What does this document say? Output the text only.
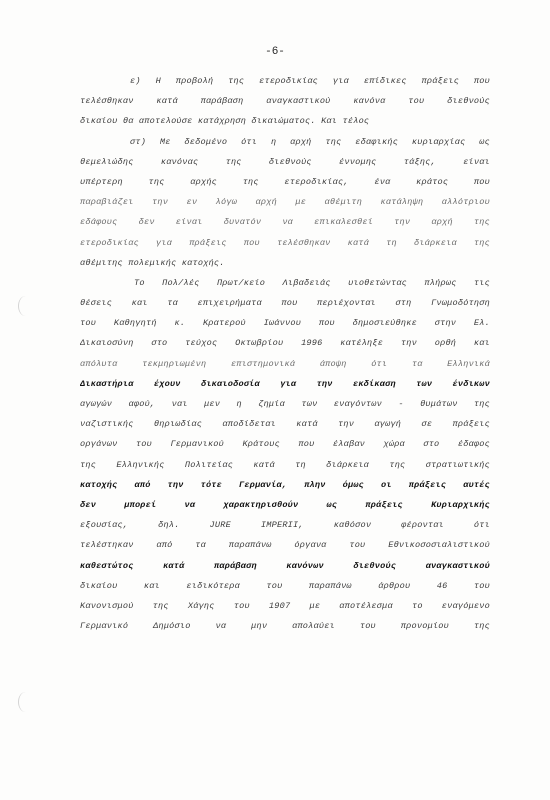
-6-
ε) Η προβολή της ετεροδικίας για επίδικες πράξεις που
τελέσθηκαν κατά παράβαση αναγκαστικού κανόνα του διεθνούς
δικαίου θα αποτελούσε κατάχρηση δικαιώματος. Και τέλος
στ) Με δεδομένο ότι η αρχή της εδαφικής κυριαρχίας ως
θεμελιώδης κανόνας της διεθνούς έννομης τάξης, είναι
υπέρτερη της αρχής της ετεροδικίας, ένα κράτος που
παραβιάζει την εν λόγω αρχή με αθέμιτη κατάληψη αλλότριου
εδάφους δεν είναι δυνατόν να επικαλεσθεί την αρχή της
ετεροδικίας για πράξεις που τελέσθηκαν κατά τη διάρκεια της
αθέμιτης πολεμικής κατοχής.
Το Πολ/λές Πρωτ/κείο Λιβαδειάς υιοθετώντας πλήρως τις
θέσεις και τα επιχειρήματα που περιέχονται στη Γνωμοδότηση
του Καθηγητή κ. Κρατερού Ιωάννου που δημοσιεύθηκε στην Ελ.
Δικαιοσύνη στο τεύχος Οκτωβρίου 1996 κατέληξε την ορθή και
απόλυτα τεκμηριωμένη επιστημονικά άποψη ότι τα Ελληνικά
Δικαστήρια έχουν δικαιοδοσία για την εκδίκαση των ένδικων
αγωγών αφού, ναι μεν η ζημία των εναγόντων - θυμάτων της
ναζιστικής θηριωδίας αποδίδεται κατά την αγωγή σε πράξεις
οργάνων του Γερμανικού Κράτους που έλαβαν χώρα στο έδαφος
της Ελληνικής Πολιτείας κατά τη διάρκεια της στρατιωτικής
κατοχής από την τότε Γερμανία, πλην όμως οι πράξεις αυτές
δεν μπορεί να χαρακτηρισθούν ως πράξεις Κυριαρχικής
εξουσίας, δηλ. JURE IMPERII, καθόσον φέρονται ότι
τελέστηκαν από τα παραπάνω όργανα του Εθνικοσοσιαλιστικού
καθεστώτος κατά παράβαση κανόνων διεθνούς αναγκαστικού
δικαίου και ειδικότερα του παραπάνω άρθρου 46 του
Κανονισμού της Χάγης του 1907 με αποτέλεσμα το εναγόμενο
Γερμανικό Δημόσιο να μην απολαύει του προνομίου της
